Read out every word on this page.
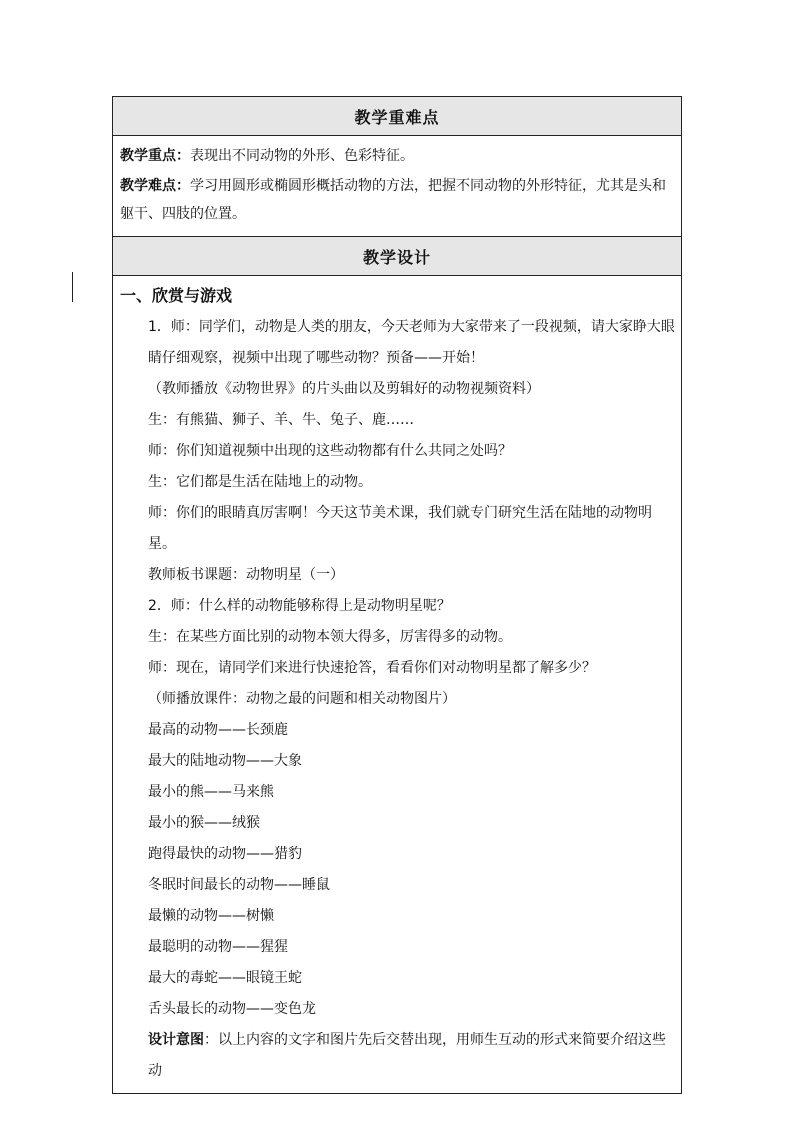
教学重难点

教学重点：表现出不同动物的外形、色彩特征。

教学难点：学习用圆形或椭圆形概括动物的方法，把握不同动物的外形特征，尤其是头和躯干、四肢的位置。

教学设计

一、欣赏与游戏

1．师：同学们，动物是人类的朋友，今天老师为大家带来了一段视频，请大家睁大眼睛仔细观察，视频中出现了哪些动物？预备——开始！

（教师播放《动物世界》的片头曲以及剪辑好的动物视频资料）

生：有熊猫、狮子、羊、牛、兔子、鹿……

师：你们知道视频中出现的这些动物都有什么共同之处吗？

生：它们都是生活在陆地上的动物。

师：你们的眼睛真厉害啊！今天这节美术课，我们就专门研究生活在陆地的动物明星。

教师板书课题：动物明星（一）

2．师：什么样的动物能够称得上是动物明星呢？

生：在某些方面比别的动物本领大得多，厉害得多的动物。

师：现在，请同学们来进行快速抢答，看看你们对动物明星都了解多少？

（师播放课件：动物之最的问题和相关动物图片）

最高的动物——长颈鹿

最大的陆地动物——大象

最小的熊——马来熊

最小的猴——绒猴

跑得最快的动物——猎豹

冬眠时间最长的动物——睡鼠

最懒的动物——树懒

最聪明的动物——猩猩

最大的毒蛇——眼镜王蛇

舌头最长的动物——变色龙

设计意图：以上内容的文字和图片先后交替出现，用师生互动的形式来简要介绍这些动
